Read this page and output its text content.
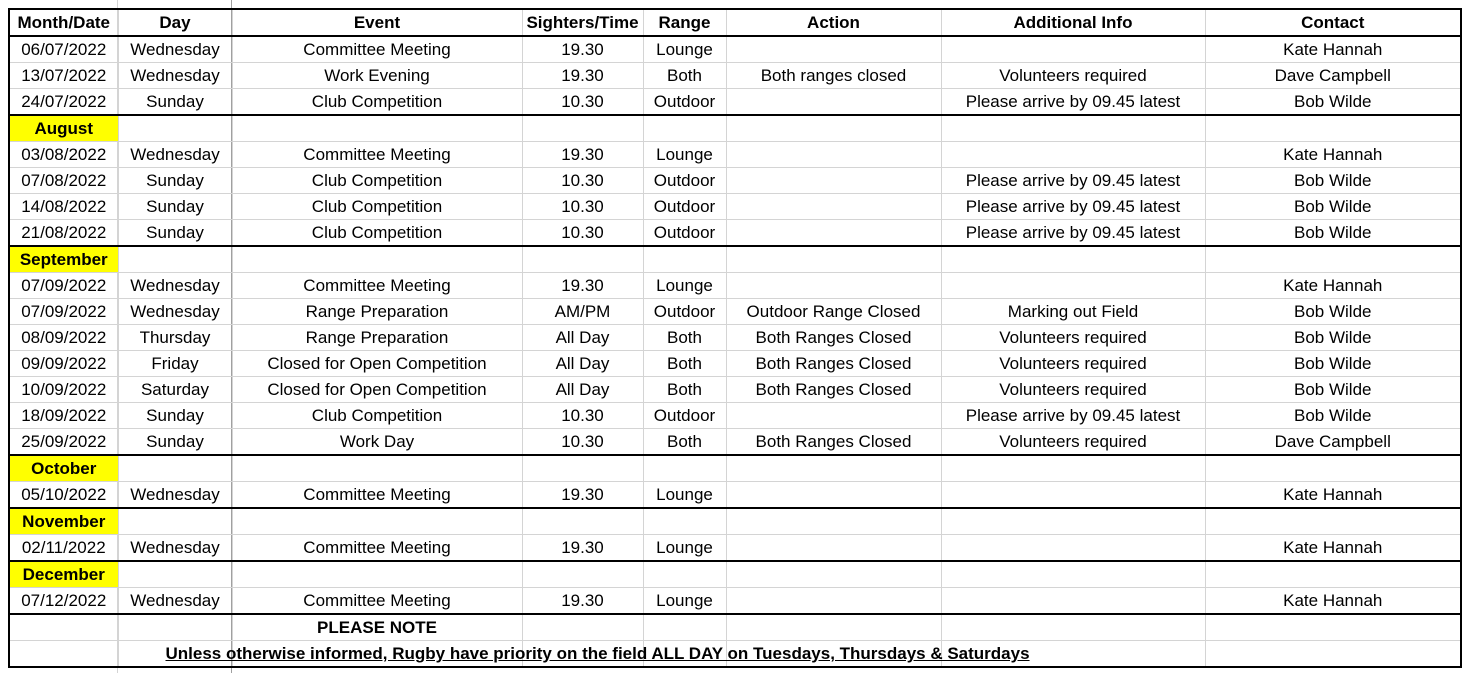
Month/Date	Day	Event	Sighters/Time	Range	Action	Additional Info	Contact
06/07/2022	Wednesday	Committee Meeting	19.30	Lounge			Kate Hannah
13/07/2022	Wednesday	Work Evening	19.30	Both	Both ranges closed	Volunteers required	Dave Campbell
24/07/2022	Sunday	Club Competition	10.30	Outdoor		Please arrive by 09.45 latest	Bob Wilde
August							
03/08/2022	Wednesday	Committee Meeting	19.30	Lounge			Kate Hannah
07/08/2022	Sunday	Club Competition	10.30	Outdoor		Please arrive by 09.45 latest	Bob Wilde
14/08/2022	Sunday	Club Competition	10.30	Outdoor		Please arrive by 09.45 latest	Bob Wilde
21/08/2022	Sunday	Club Competition	10.30	Outdoor		Please arrive by 09.45 latest	Bob Wilde
September							
07/09/2022	Wednesday	Committee Meeting	19.30	Lounge			Kate Hannah
07/09/2022	Wednesday	Range Preparation	AM/PM	Outdoor	Outdoor Range Closed	Marking out Field	Bob Wilde
08/09/2022	Thursday	Range Preparation	All Day	Both	Both Ranges Closed	Volunteers required	Bob Wilde
09/09/2022	Friday	Closed for Open Competition	All Day	Both	Both Ranges Closed	Volunteers required	Bob Wilde
10/09/2022	Saturday	Closed for Open Competition	All Day	Both	Both Ranges Closed	Volunteers required	Bob Wilde
18/09/2022	Sunday	Club Competition	10.30	Outdoor		Please arrive by 09.45 latest	Bob Wilde
25/09/2022	Sunday	Work Day	10.30	Both	Both Ranges Closed	Volunteers required	Dave Campbell
October							
05/10/2022	Wednesday	Committee Meeting	19.30	Lounge			Kate Hannah
November							
02/11/2022	Wednesday	Committee Meeting	19.30	Lounge			Kate Hannah
December							
07/12/2022	Wednesday	Committee Meeting	19.30	Lounge			Kate Hannah
		PLEASE NOTE					

	Unless otherwise informed, Rugby have priority on the field ALL DAY on Tuesdays, Thursdays & Saturdays						
